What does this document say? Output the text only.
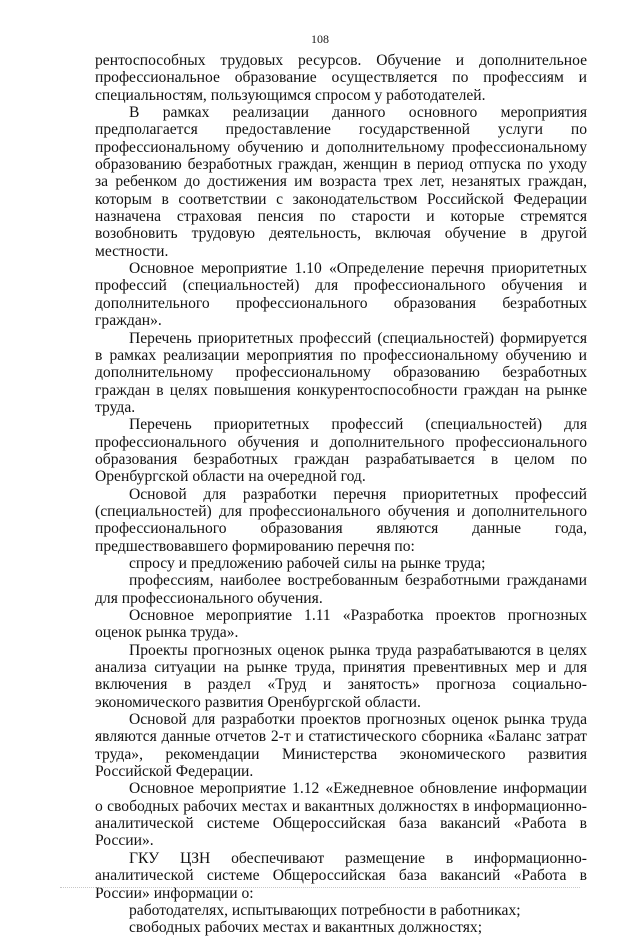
108

рентоспособных трудовых ресурсов. Обучение и дополнительное профессиональное образование осуществляется по профессиям и специальностям, пользующимся спросом у работодателей.

В рамках реализации данного основного мероприятия предполагается предоставление государственной услуги по профессиональному обучению и дополнительному профессиональному образованию безработных граждан, женщин в период отпуска по уходу за ребенком до достижения им возраста трех лет, незанятых граждан, которым в соответствии с законодательством Российской Федерации назначена страховая пенсия по старости и которые стремятся возобновить трудовую деятельность, включая обучение в другой местности.

Основное мероприятие 1.10 «Определение перечня приоритетных профессий (специальностей) для профессионального обучения и дополнительного профессионального образования безработных граждан».

Перечень приоритетных профессий (специальностей) формируется в рамках реализации мероприятия по профессиональному обучению и дополнительному профессиональному образованию безработных граждан в целях повышения конкурентоспособности граждан на рынке труда.

Перечень приоритетных профессий (специальностей) для профессионального обучения и дополнительного профессионального образования безработных граждан разрабатывается в целом по Оренбургской области на очередной год.

Основой для разработки перечня приоритетных профессий (специальностей) для профессионального обучения и дополнительного профессионального образования являются данные года, предшествовавшего формированию перечня по:

спросу и предложению рабочей силы на рынке труда;

профессиям, наиболее востребованным безработными гражданами для профессионального обучения.

Основное мероприятие 1.11 «Разработка проектов прогнозных оценок рынка труда».

Проекты прогнозных оценок рынка труда разрабатываются в целях анализа ситуации на рынке труда, принятия превентивных мер и для включения в раздел «Труд и занятость» прогноза социально-экономического развития Оренбургской области.

Основой для разработки проектов прогнозных оценок рынка труда являются данные отчетов 2-т и статистического сборника «Баланс затрат труда», рекомендации Министерства экономического развития Российской Федерации.

Основное мероприятие 1.12 «Ежедневное обновление информации о свободных рабочих местах и вакантных должностях в информационно-аналитической системе Общероссийская база вакансий «Работа в России».

ГКУ ЦЗН обеспечивают размещение в информационно-аналитической системе Общероссийская база вакансий «Работа в России» информации о:

работодателях, испытывающих потребности в работниках;

свободных рабочих местах и вакантных должностях;
